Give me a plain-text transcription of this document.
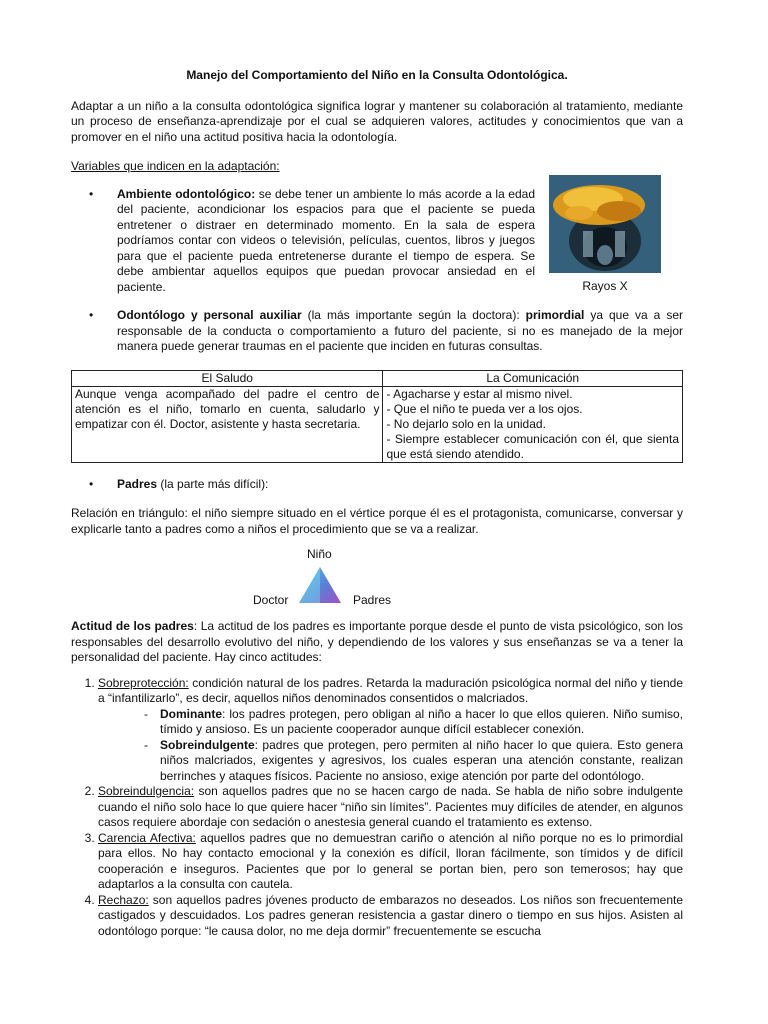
Manejo del Comportamiento del Niño en la Consulta Odontológica.

Adaptar a un niño a la consulta odontológica significa lograr y mantener su colaboración al tratamiento, mediante un proceso de enseñanza-aprendizaje por el cual se adquieren valores, actitudes y conocimientos que van a promover en el niño una actitud positiva hacia la odontología.

Variables que indicen en la adaptación:

• Ambiente odontológico: se debe tener un ambiente lo más acorde a la edad del paciente, acondicionar los espacios para que el paciente se pueda entretener o distraer en determinado momento. En la sala de espera podríamos contar con videos o televisión, películas, cuentos, libros y juegos para que el paciente pueda entretenerse durante el tiempo de espera. Se debe ambientar aquellos equipos que puedan provocar ansiedad en el paciente.	Rayos X
• Odontólogo y personal auxiliar (la más importante según la doctora): primordial ya que va a ser responsable de la conducta o comportamiento a futuro del paciente, si no es manejado de la mejor manera puede generar traumas en el paciente que inciden en futuras consultas.
El Saludo	La Comunicación
Aunque venga acompañado del padre el centro de atención es el niño, tomarlo en cuenta, saludarlo y empatizar con él. Doctor, asistente y hasta secretaria.	- Agacharse y estar al mismo nivel.
- Que el niño te pueda ver a los ojos.
- No dejarlo solo en la unidad.
- Siempre establecer comunicación con él, que sienta que está siendo atendido.
• Padres (la parte más difícil):

Relación en triángulo: el niño siempre situado en el vértice porque él es el protagonista, comunicarse, conversar y explicarle tanto a padres como a niños el procedimiento que se va a realizar.

Niño
Doctor	Padres

Actitud de los padres: La actitud de los padres es importante porque desde el punto de vista psicológico, son los responsables del desarrollo evolutivo del niño, y dependiendo de los valores y sus enseñanzas se va a tener la personalidad del paciente. Hay cinco actitudes:

1. Sobreprotección: condición natural de los padres. Retarda la maduración psicológica normal del niño y tiende a “infantilizarlo”, es decir, aquellos niños denominados consentidos o malcriados.
- Dominante: los padres protegen, pero obligan al niño a hacer lo que ellos quieren. Niño sumiso, tímido y ansioso. Es un paciente cooperador aunque difícil establecer conexión.
- Sobreindulgente: padres que protegen, pero permiten al niño hacer lo que quiera. Esto genera niños malcriados, exigentes y agresivos, los cuales esperan una atención constante, realizan berrinches y ataques físicos. Paciente no ansioso, exige atención por parte del odontólogo.
2. Sobreindulgencia: son aquellos padres que no se hacen cargo de nada. Se habla de niño sobre indulgente cuando el niño solo hace lo que quiere hacer “niño sin límites”. Pacientes muy difíciles de atender, en algunos casos requiere abordaje con sedación o anestesia general cuando el tratamiento es extenso.
3. Carencia Afectiva: aquellos padres que no demuestran cariño o atención al niño porque no es lo primordial para ellos. No hay contacto emocional y la conexión es difícil, lloran fácilmente, son tímidos y de difícil cooperación e inseguros. Pacientes que por lo general se portan bien, pero son temerosos; hay que adaptarlos a la consulta con cautela.
4. Rechazo: son aquellos padres jóvenes producto de embarazos no deseados. Los niños son frecuentemente castigados y descuidados. Los padres generan resistencia a gastar dinero o tiempo en sus hijos. Asisten al odontólogo porque: “le causa dolor, no me deja dormir” frecuentemente se escucha
